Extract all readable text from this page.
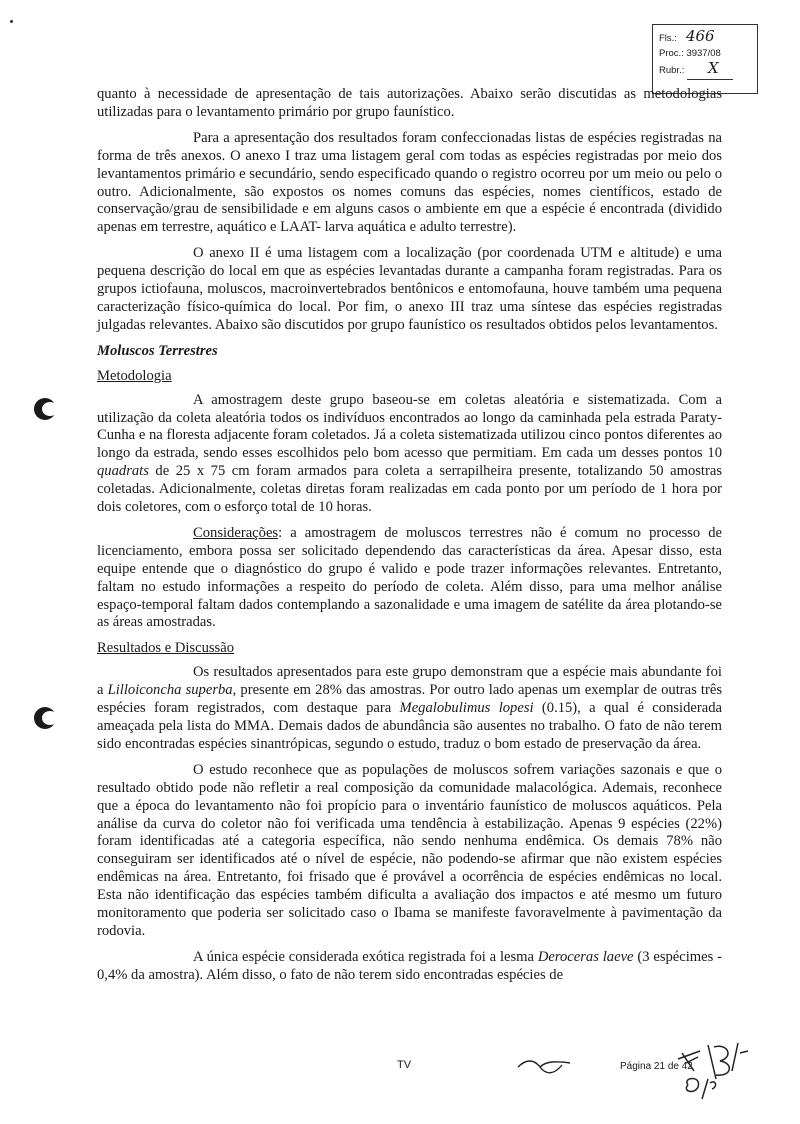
Fls.: 466
Proc.: 3937/08
Rubr.:	X

quanto à necessidade de apresentação de tais autorizações. Abaixo serão discutidas as metodologias utilizadas para o levantamento primário por grupo faunístico.

Para a apresentação dos resultados foram confeccionadas listas de espécies registradas na forma de três anexos. O anexo I traz uma listagem geral com todas as espécies registradas por meio dos levantamentos primário e secundário, sendo especificado quando o registro ocorreu por um meio ou pelo o outro. Adicionalmente, são expostos os nomes comuns das espécies, nomes científicos, estado de conservação/grau de sensibilidade e em alguns casos o ambiente em que a espécie é encontrada (dividido apenas em terrestre, aquático e LAAT- larva aquática e adulto terrestre).

O anexo II é uma listagem com a localização (por coordenada UTM e altitude) e uma pequena descrição do local em que as espécies levantadas durante a campanha foram registradas. Para os grupos ictiofauna, moluscos, macroinvertebrados bentônicos e entomofauna, houve também uma pequena caracterização físico-química do local. Por fim, o anexo III traz uma síntese das espécies registradas julgadas relevantes. Abaixo são discutidos por grupo faunístico os resultados obtidos pelos levantamentos.

Moluscos Terrestres
Metodologia

A amostragem deste grupo baseou-se em coletas aleatória e sistematizada. Com a utilização da coleta aleatória todos os indivíduos encontrados ao longo da caminhada pela estrada Paraty-Cunha e na floresta adjacente foram coletados. Já a coleta sistematizada utilizou cinco pontos diferentes ao longo da estrada, sendo esses escolhidos pelo bom acesso que permitiam. Em cada um desses pontos 10 quadrats de 25 x 75 cm foram armados para coleta a serrapilheira presente, totalizando 50 amostras coletadas. Adicionalmente, coletas diretas foram realizadas em cada ponto por um período de 1 hora por dois coletores, com o esforço total de 10 horas.

Considerações: a amostragem de moluscos terrestres não é comum no processo de licenciamento, embora possa ser solicitado dependendo das características da área. Apesar disso, esta equipe entende que o diagnóstico do grupo é valido e pode trazer informações relevantes. Entretanto, faltam no estudo informações a respeito do período de coleta. Além disso, para uma melhor análise espaço-temporal faltam dados contemplando a sazonalidade e uma imagem de satélite da área plotando-se as áreas amostradas.

Resultados e Discussão

Os resultados apresentados para este grupo demonstram que a espécie mais abundante foi a Lilloiconcha superba, presente em 28% das amostras. Por outro lado apenas um exemplar de outras três espécies foram registrados, com destaque para Megalobulimus lopesi (0.15), a qual é considerada ameaçada pela lista do MMA. Demais dados de abundância são ausentes no trabalho. O fato de não terem sido encontradas espécies sinantrópicas, segundo o estudo, traduz o bom estado de preservação da área.

O estudo reconhece que as populações de moluscos sofrem variações sazonais e que o resultado obtido pode não refletir a real composição da comunidade malacológica. Ademais, reconhece que a época do levantamento não foi propício para o inventário faunístico de moluscos aquáticos. Pela análise da curva do coletor não foi verificada uma tendência à estabilização. Apenas 9 espécies (22%) foram identificadas até a categoria específica, não sendo nenhuma endêmica. Os demais 78% não conseguiram ser identificados até o nível de espécie, não podendo-se afirmar que não existem espécies endêmicas na área. Entretanto, foi frisado que é provável a ocorrência de espécies endêmicas no local. Esta não identificação das espécies também dificulta a avaliação dos impactos e até mesmo um futuro monitoramento que poderia ser solicitado caso o Ibama se manifeste favoravelmente à pavimentação da rodovia.

A única espécie considerada exótica registrada foi a lesma Deroceras laeve (3 espécimes - 0,4% da amostra). Além disso, o fato de não terem sido encontradas espécies de

TV	Página 21 de 42
